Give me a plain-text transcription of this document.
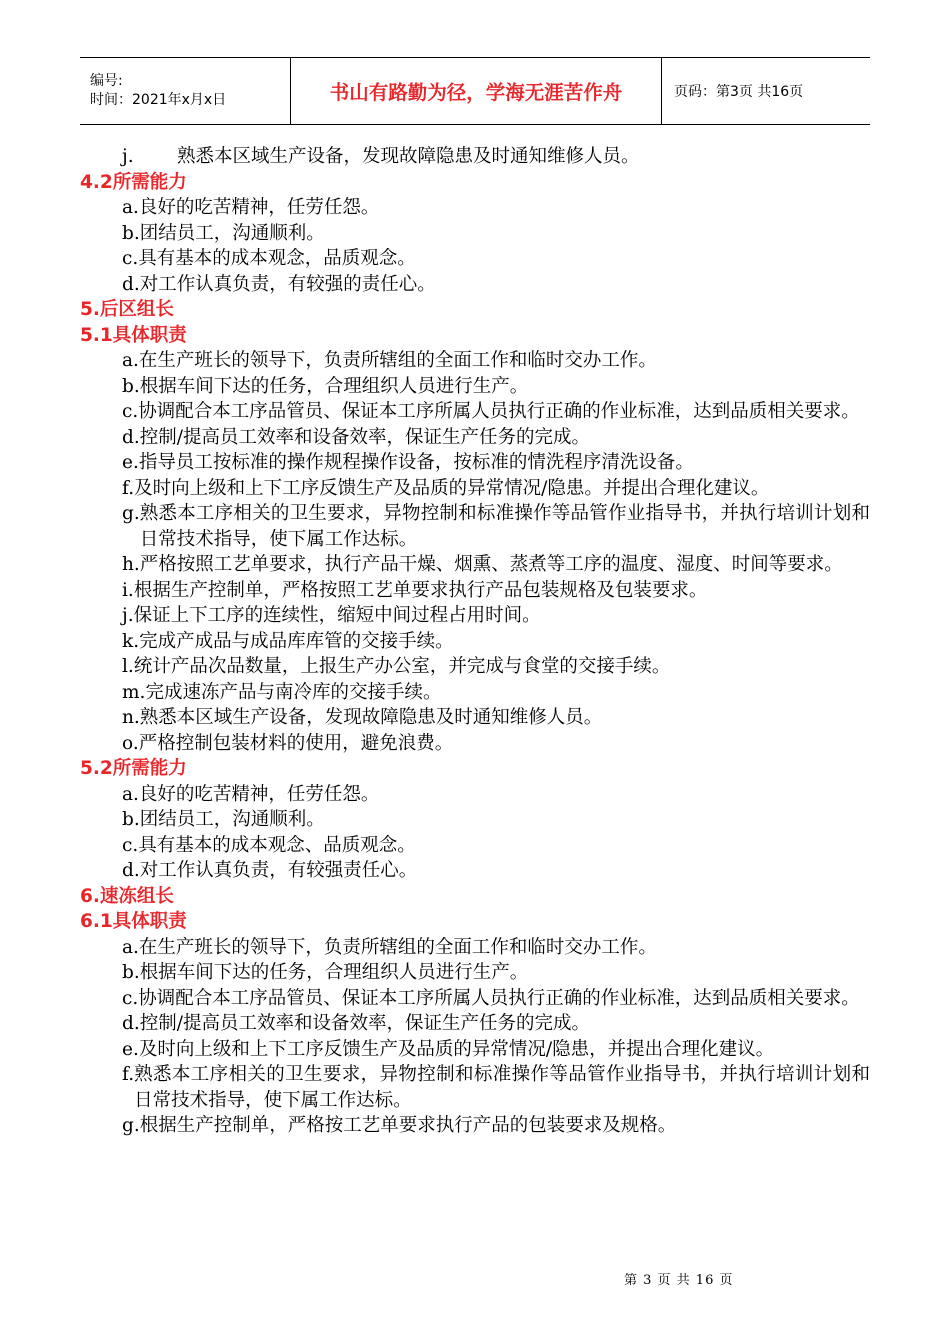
编号:
时间：2021年x月x日	书山有路勤为径，学海无涯苦作舟	页码：第3页 共16页
j.	熟悉本区域生产设备，发现故障隐患及时通知维修人员。
4.2所需能力
a. 良好的吃苦精神，任劳任怨。
b. 团结员工，沟通顺利。
c. 具有基本的成本观念，品质观念。
d. 对工作认真负责，有较强的责任心。
5.后区组长
5.1具体职责
a. 在生产班长的领导下，负责所辖组的全面工作和临时交办工作。
b. 根据车间下达的任务，合理组织人员进行生产。
c. 协调配合本工序品管员、保证本工序所属人员执行正确的作业标准，达到品质相关要求。
d. 控制/提高员工效率和设备效率，保证生产任务的完成。
e. 指导员工按标准的操作规程操作设备，按标准的情洗程序清洗设备。
f. 及时向上级和上下工序反馈生产及品质的异常情况/隐患。并提出合理化建议。
g. 熟悉本工序相关的卫生要求，异物控制和标准操作等品管作业指导书，并执行培训计划和日常技术指导，使下属工作达标。
h. 严格按照工艺单要求，执行产品干燥、烟熏、蒸煮等工序的温度、湿度、时间等要求。
i. 根据生产控制单，严格按照工艺单要求执行产品包装规格及包装要求。
j. 保证上下工序的连续性，缩短中间过程占用时间。
k. 完成产成品与成品库库管的交接手续。
l. 统计产品次品数量，上报生产办公室，并完成与食堂的交接手续。
m. 完成速冻产品与南冷库的交接手续。
n. 熟悉本区域生产设备，发现故障隐患及时通知维修人员。
o. 严格控制包装材料的使用，避免浪费。
5.2所需能力
a. 良好的吃苦精神，任劳任怨。
b. 团结员工，沟通顺利。
c. 具有基本的成本观念、品质观念。
d. 对工作认真负责，有较强责任心。
6.速冻组长
6.1具体职责
a. 在生产班长的领导下，负责所辖组的全面工作和临时交办工作。
b. 根据车间下达的任务，合理组织人员进行生产。
c. 协调配合本工序品管员、保证本工序所属人员执行正确的作业标准，达到品质相关要求。
d. 控制/提高员工效率和设备效率，保证生产任务的完成。
e. 及时向上级和上下工序反馈生产及品质的异常情况/隐患，并提出合理化建议。
f. 熟悉本工序相关的卫生要求，异物控制和标准操作等品管作业指导书，并执行培训计划和日常技术指导，使下属工作达标。
g. 根据生产控制单，严格按工艺单要求执行产品的包装要求及规格。
第 3 页 共 16 页
